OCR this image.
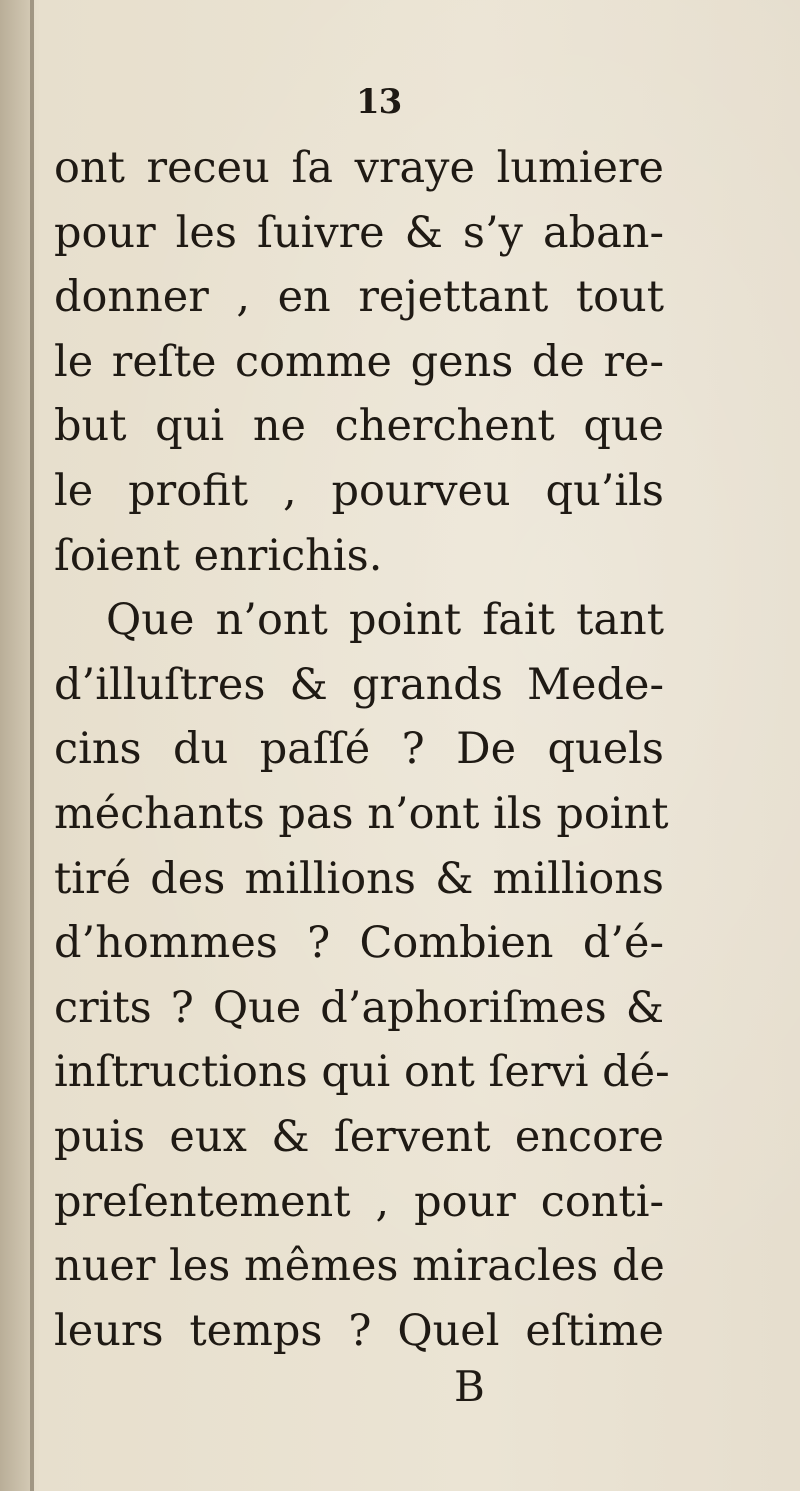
13
ont receu ſa vraye lumiere
pour les ſuivre & s’y aban-
donner , en rejettant tout
le reſte comme gens de re-
but qui ne cherchent que
le profit , pourveu qu’ils
ſoient enrichis.
Que n’ont point fait tant
d’illuſtres & grands Mede-
cins du paſſé ? De quels
méchants pas n’ont ils point
tiré des millions & millions
d’hommes ? Combien d’é-
crits ? Que d’aphoriſmes &
inſtructions qui ont ſervi dé-
puis eux & ſervent encore
preſentement , pour conti-
nuer les mêmes miracles de
leurs temps ? Quel eſtime
B
